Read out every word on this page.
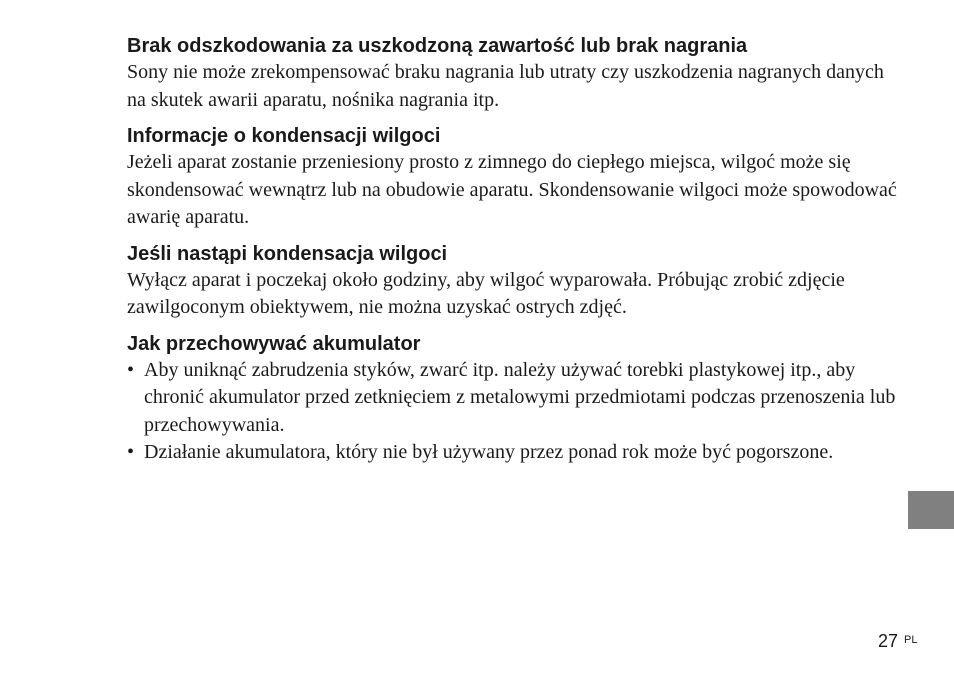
Brak odszkodowania za uszkodzoną zawartość lub brak nagrania

Sony nie może zrekompensować braku nagrania lub utraty czy uszkodzenia nagranych danych na skutek awarii aparatu, nośnika nagrania itp.

Informacje o kondensacji wilgoci

Jeżeli aparat zostanie przeniesiony prosto z zimnego do ciepłego miejsca, wilgoć może się skondensować wewnątrz lub na obudowie aparatu. Skondensowanie wilgoci może spowodować awarię aparatu.

Jeśli nastąpi kondensacja wilgoci

Wyłącz aparat i poczekaj około godziny, aby wilgoć wyparowała. Próbując zrobić zdjęcie zawilgoconym obiektywem, nie można uzyskać ostrych zdjęć.

Jak przechowywać akumulator
• Aby uniknąć zabrudzenia styków, zwarć itp. należy używać torebki plastykowej itp., aby chronić akumulator przed zetknięciem z metalowymi przedmiotami podczas przenoszenia lub przechowywania.
• Działanie akumulatora, który nie był używany przez ponad rok może być pogorszone.
27 $^{PL}$
